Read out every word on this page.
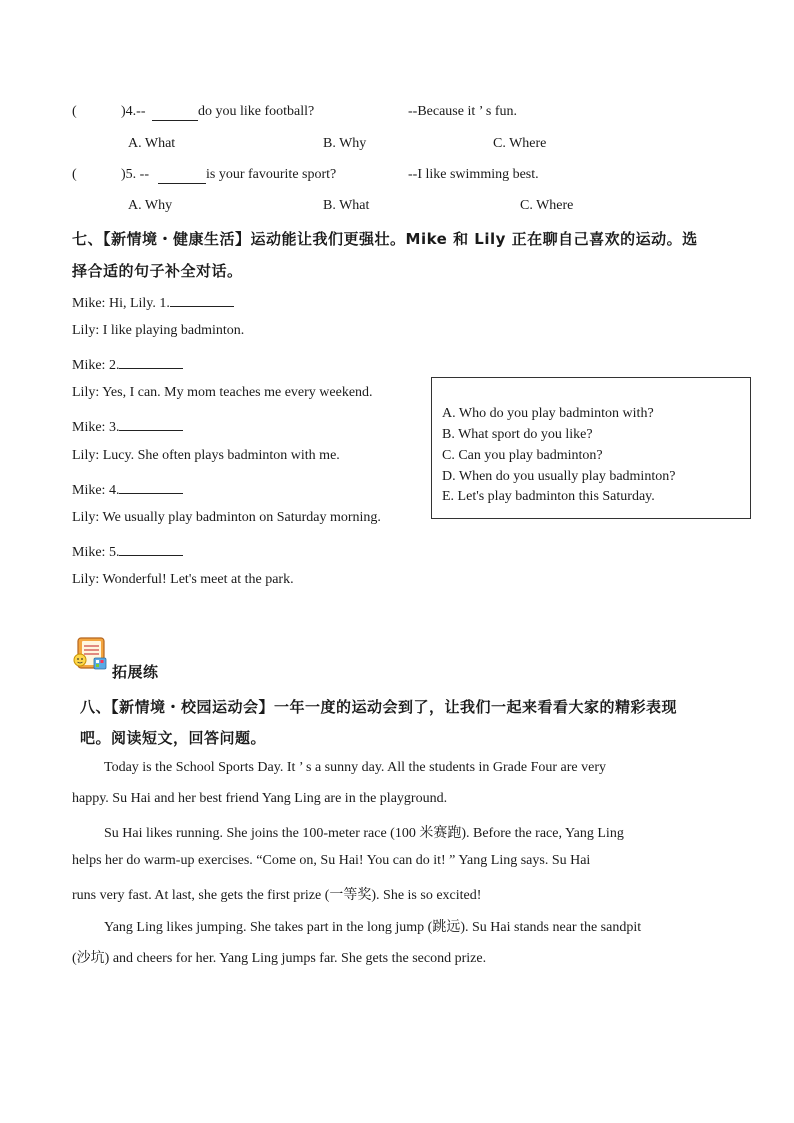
(	)4.--	do you like football?	--Because it ’ s fun.
A. What	B. Why	C. Where
(	)5. --	is your favourite sport?	--I like swimming best.
A. Why	B. What	C. Where
七、【新情境・健康生活】运动能让我们更强壮。Mike 和 Lily 正在聊自己喜欢的运动。选
择合适的句子补全对话。
Mike: Hi, Lily. 1.
Lily: I like playing badminton.
Mike: 2.
Lily: Yes, I can. My mom teaches me every weekend.
Mike: 3.
Lily: Lucy. She often plays badminton with me.
Mike: 4.
Lily: We usually play badminton on Saturday morning.
Mike: 5.
Lily: Wonderful! Let's meet at the park.
A. Who do you play badminton with?
B. What sport do you like?
C. Can you play badminton?
D. When do you usually play badminton?
E. Let's play badminton this Saturday.
拓展练
八、【新情境・校园运动会】一年一度的运动会到了，让我们一起来看看大家的精彩表现
吧。阅读短文，回答问题。
Today is the School Sports Day. It ’ s a sunny day. All the students in Grade Four are very
happy. Su Hai and her best friend Yang Ling are in the playground.
Su Hai likes running. She joins the 100-meter race (100 米赛跑). Before the race, Yang Ling
helps her do warm-up exercises. “Come on, Su Hai! You can do it! ” Yang Ling says. Su Hai
runs very fast. At last, she gets the first prize (一等奖). She is so excited!
Yang Ling likes jumping. She takes part in the long jump (跳远). Su Hai stands near the sandpit
(沙坑) and cheers for her. Yang Ling jumps far. She gets the second prize.
